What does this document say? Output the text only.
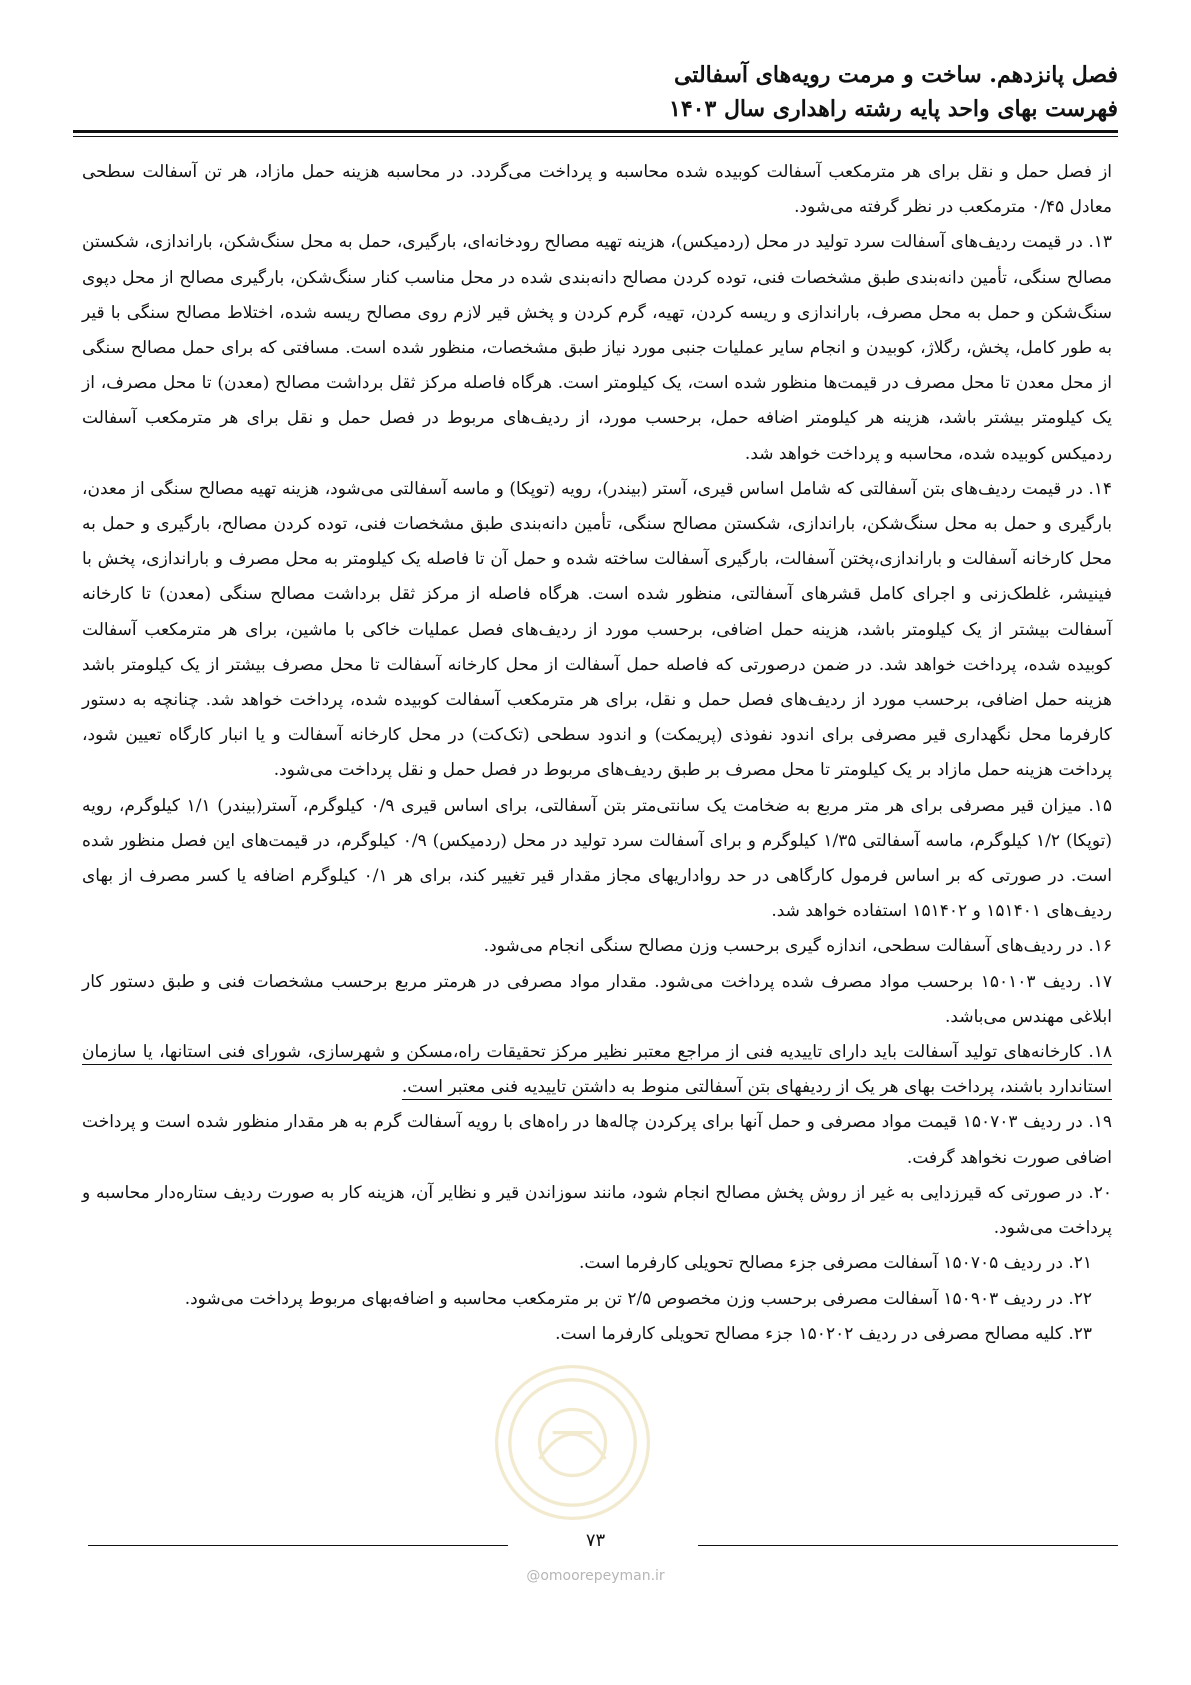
فصل پانزدهم. ساخت و مرمت رویه‌های آسفالتی

فهرست بهای واحد پایه رشته راهداری سال ۱۴۰۳

از فصل حمل و نقل برای هر مترمکعب آسفالت کوبیده شده محاسبه و پرداخت می‌گردد. در محاسبه هزینه حمل مازاد، هر تن آسفالت سطحی معادل ۰/۴۵ مترمکعب در نظر گرفته می‌شود.

۱۳. در قیمت ردیف‌های آسفالت سرد تولید در محل (ردمیکس)، هزینه تهیه مصالح رودخانه‌ای، بارگیری، حمل به محل سنگ‌شکن، باراندازی، شکستن مصالح سنگی، تأمین دانه‌بندی طبق مشخصات فنی، توده کردن مصالح دانه‌بندی شده در محل مناسب کنار سنگ‌شکن، بارگیری مصالح از محل دپوی سنگ‌شکن و حمل به محل مصرف، باراندازی و ریسه کردن، تهیه، گرم کردن و پخش قیر لازم روی مصالح ریسه شده، اختلاط مصالح سنگی با قیر به طور کامل، پخش، رگلاژ، کوبیدن و انجام سایر عملیات جنبی مورد نیاز طبق مشخصات، منظور شده است. مسافتی که برای حمل مصالح سنگی از محل معدن تا محل مصرف در قیمت‌ها منظور شده است، یک کیلومتر است. هرگاه فاصله مرکز ثقل برداشت مصالح (معدن) تا محل مصرف، از یک کیلومتر بیشتر باشد، هزینه هر کیلومتر اضافه حمل، برحسب مورد، از ردیف‌های مربوط در فصل حمل و نقل برای هر مترمکعب آسفالت ردمیکس کوبیده شده، محاسبه و پرداخت خواهد شد.

۱۴. در قیمت ردیف‌های بتن آسفالتی که شامل اساس قیری، آستر (بیندر)، رویه (توپکا) و ماسه آسفالتی می‌شود، هزینه تهیه مصالح سنگی از معدن، بارگیری و حمل به محل سنگ‌شکن، باراندازی، شکستن مصالح سنگی، تأمین دانه‌بندی طبق مشخصات فنی، توده کردن مصالح، بارگیری و حمل به محل کارخانه آسفالت و باراندازی،پختن آسفالت، بارگیری آسفالت ساخته شده و حمل آن تا فاصله یک کیلومتر به محل مصرف و باراندازی، پخش با فینیشر، غلطک‌زنی و اجرای کامل قشرهای آسفالتی، منظور شده است. هرگاه فاصله از مرکز ثقل برداشت مصالح سنگی (معدن) تا کارخانه آسفالت بیشتر از یک کیلومتر باشد، هزینه حمل اضافی، برحسب مورد از ردیف‌های فصل عملیات خاکی با ماشین، برای هر مترمکعب آسفالت کوبیده شده، پرداخت خواهد شد. در ضمن درصورتی که فاصله حمل آسفالت از محل کارخانه آسفالت تا محل مصرف بیشتر از یک کیلومتر باشد هزینه حمل اضافی، برحسب مورد از ردیف‌های فصل حمل و نقل، برای هر مترمکعب آسفالت کوبیده شده، پرداخت خواهد شد. چنانچه به دستور کارفرما محل نگهداری قیر مصرفی برای اندود نفوذی (پریمکت) و اندود سطحی (تک‌کت) در محل کارخانه آسفالت و یا انبار کارگاه تعیین شود، پرداخت هزینه حمل مازاد بر یک کیلومتر تا محل مصرف بر طبق ردیف‌های مربوط در فصل حمل و نقل پرداخت می‌شود.

۱۵. میزان قیر مصرفی برای هر متر مربع به ضخامت یک سانتی‌متر بتن آسفالتی، برای اساس قیری ۰/۹ کیلوگرم، آستر(بیندر) ۱/۱ کیلوگرم، رویه (توپکا) ۱/۲ کیلوگرم، ماسه آسفالتی ۱/۳۵ کیلوگرم و برای آسفالت سرد تولید در محل (ردمیکس) ۰/۹ کیلوگرم، در قیمت‌های این فصل منظور شده است. در صورتی که بر اساس فرمول کارگاهی در حد رواداریهای مجاز مقدار قیر تغییر کند، برای هر ۰/۱ کیلوگرم اضافه یا کسر مصرف از بهای ردیف‌های ۱۵۱۴۰۱ و ۱۵۱۴۰۲ استفاده خواهد شد.

۱۶. در ردیف‌های آسفالت سطحی، اندازه گیری برحسب وزن مصالح سنگی انجام می‌شود.

۱۷. ردیف ۱۵۰۱۰۳ برحسب مواد مصرف شده پرداخت می‌شود. مقدار مواد مصرفی در هرمتر مربع برحسب مشخصات فنی و طبق دستور کار ابلاغی مهندس می‌باشد.

۱۸. کارخانه‌های تولید آسفالت باید دارای تاییدیه فنی از مراجع معتبر نظیر مرکز تحقیقات راه،مسکن و شهرسازی، شورای فنی استانها، یا سازمان استاندارد باشند، پرداخت بهای هر یک از ردیفهای بتن آسفالتی منوط به داشتن تاییدیه فنی معتبر است.

۱۹. در ردیف ۱۵۰۷۰۳ قیمت مواد مصرفی و حمل آنها برای پرکردن چاله‌ها در راه‌های با رویه آسفالت گرم به هر مقدار منظور شده است و پرداخت اضافی صورت نخواهد گرفت.

۲۰. در صورتی که قیرزدایی به غیر از روش پخش مصالح انجام شود، مانند سوزاندن قیر و نظایر آن، هزینه کار به صورت ردیف ستاره‌دار محاسبه و پرداخت می‌شود.

۲۱. در ردیف ۱۵۰۷۰۵ آسفالت مصرفی جزء مصالح تحویلی کارفرما است.

۲۲. در ردیف ۱۵۰۹۰۳ آسفالت مصرفی برحسب وزن مخصوص ۲/۵ تن بر مترمکعب محاسبه و اضافه‌بهای مربوط پرداخت می‌شود.

۲۳. کلیه مصالح مصرفی در ردیف ۱۵۰۲۰۲ جزء مصالح تحویلی کارفرما است.

۷۳
@omoorepeyman.ir
